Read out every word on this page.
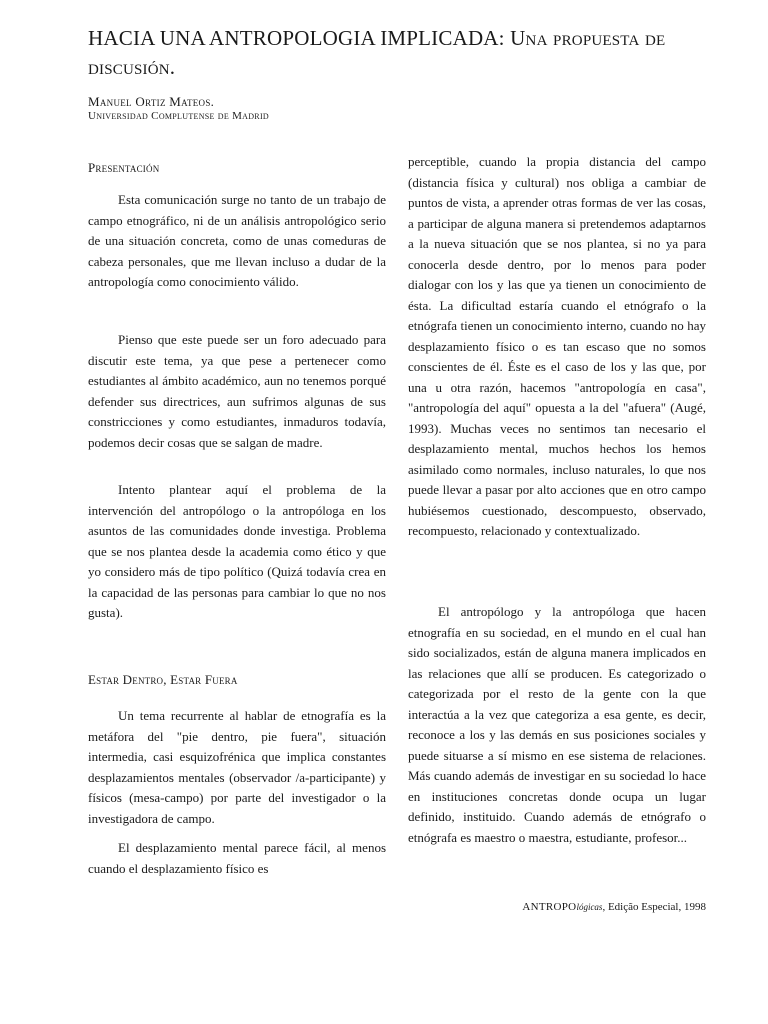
HACIA UNA ANTROPOLOGIA IMPLICADA: Una propuesta de discusión.
Manuel Ortiz Mateos.
Universidad Complutense de Madrid
Presentación

Esta comunicación surge no tanto de un trabajo de campo etnográfico, ni de un análisis antropológico serio de una situación concreta, como de unas comeduras de cabeza personales, que me llevan incluso a dudar de la antropología como conocimiento válido.

Pienso que este puede ser un foro adecuado para discutir este tema, ya que pese a pertenecer como estudiantes al ámbito académico, aun no tenemos porqué defender sus directrices, aun sufrimos algunas de sus constricciones y como estudiantes, inmaduros todavía, podemos decir cosas que se salgan de madre.

Intento plantear aquí el problema de la intervención del antropólogo o la antropóloga en los asuntos de las comunidades donde investiga. Problema que se nos plantea desde la academia como ético y que yo considero más de tipo político (Quizá todavía crea en la capacidad de las personas para cambiar lo que no nos gusta).

Estar Dentro, Estar Fuera

Un tema recurrente al hablar de etnografía es la metáfora del "pie dentro, pie fuera", situación intermedia, casi esquizofrénica que implica constantes desplazamientos mentales (observador /a-participante) y físicos (mesa-campo) por parte del investigador o la investigadora de campo.

El desplazamiento mental parece fácil, al menos cuando el desplazamiento físico es

perceptible, cuando la propia distancia del campo (distancia física y cultural) nos obliga a cambiar de puntos de vista, a aprender otras formas de ver las cosas, a participar de alguna manera si pretendemos adaptarnos a la nueva situación que se nos plantea, si no ya para conocerla desde dentro, por lo menos para poder dialogar con los y las que ya tienen un conocimiento de ésta. La dificultad estaría cuando el etnógrafo o la etnógrafa tienen un conocimiento interno, cuando no hay desplazamiento físico o es tan escaso que no somos conscientes de él. Éste es el caso de los y las que, por una u otra razón, hacemos "antropología en casa", "antropología del aquí" opuesta a la del "afuera" (Augé, 1993). Muchas veces no sentimos tan necesario el desplazamiento mental, muchos hechos los hemos asimilado como normales, incluso naturales, lo que nos puede llevar a pasar por alto acciones que en otro campo hubiésemos cuestionado, descompuesto, observado, recompuesto, relacionado y contextualizado.

El antropólogo y la antropóloga que hacen etnografía en su sociedad, en el mundo en el cual han sido socializados, están de alguna manera implicados en las relaciones que allí se producen. Es categorizado o categorizada por el resto de la gente con la que interactúa a la vez que categoriza a esa gente, es decir, reconoce a los y las demás en sus posiciones sociales y puede situarse a sí mismo en ese sistema de relaciones. Más cuando además de investigar en su sociedad lo hace en instituciones concretas donde ocupa un lugar definido, instituido. Cuando además de etnógrafo o etnógrafa es maestro o maestra, estudiante, profesor...

ANTROPOlógicas, Edição Especial, 1998
